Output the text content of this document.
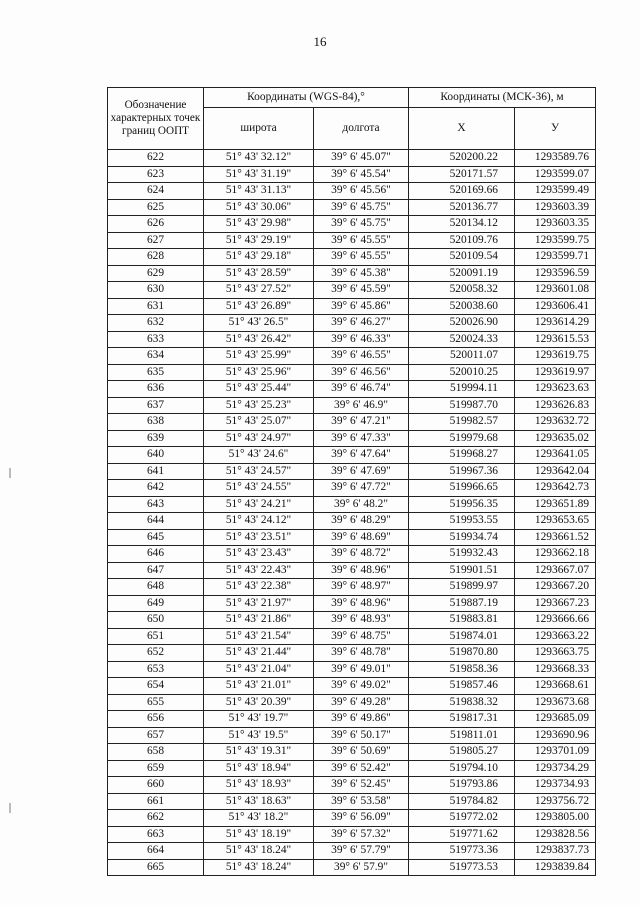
16
Обозначение характерных точек границ ООПТ	Координаты (WGS-84),°		Координаты (МСК-36), м	
	широта	долгота	X	У
622	51° 43' 32.12"	39° 6' 45.07"	520200.22	1293589.76
623	51° 43' 31.19"	39° 6' 45.54"	520171.57	1293599.07
624	51° 43' 31.13"	39° 6' 45.56"	520169.66	1293599.49
625	51° 43' 30.06"	39° 6' 45.75"	520136.77	1293603.39
626	51° 43' 29.98"	39° 6' 45.75"	520134.12	1293603.35
627	51° 43' 29.19"	39° 6' 45.55"	520109.76	1293599.75
628	51° 43' 29.18"	39° 6' 45.55"	520109.54	1293599.71
629	51° 43' 28.59"	39° 6' 45.38"	520091.19	1293596.59
630	51° 43' 27.52"	39° 6' 45.59"	520058.32	1293601.08
631	51° 43' 26.89"	39° 6' 45.86"	520038.60	1293606.41
632	51° 43' 26.5"	39° 6' 46.27"	520026.90	1293614.29
633	51° 43' 26.42"	39° 6' 46.33"	520024.33	1293615.53
634	51° 43' 25.99"	39° 6' 46.55"	520011.07	1293619.75
635	51° 43' 25.96"	39° 6' 46.56"	520010.25	1293619.97
636	51° 43' 25.44"	39° 6' 46.74"	519994.11	1293623.63
637	51° 43' 25.23"	39° 6' 46.9"	519987.70	1293626.83
638	51° 43' 25.07"	39° 6' 47.21"	519982.57	1293632.72
639	51° 43' 24.97"	39° 6' 47.33"	519979.68	1293635.02
640	51° 43' 24.6"	39° 6' 47.64"	519968.27	1293641.05
641	51° 43' 24.57"	39° 6' 47.69"	519967.36	1293642.04
642	51° 43' 24.55"	39° 6' 47.72"	519966.65	1293642.73
643	51° 43' 24.21"	39° 6' 48.2"	519956.35	1293651.89
644	51° 43' 24.12"	39° 6' 48.29"	519953.55	1293653.65
645	51° 43' 23.51"	39° 6' 48.69"	519934.74	1293661.52
646	51° 43' 23.43"	39° 6' 48.72"	519932.43	1293662.18
647	51° 43' 22.43"	39° 6' 48.96"	519901.51	1293667.07
648	51° 43' 22.38"	39° 6' 48.97"	519899.97	1293667.20
649	51° 43' 21.97"	39° 6' 48.96"	519887.19	1293667.23
650	51° 43' 21.86"	39° 6' 48.93"	519883.81	1293666.66
651	51° 43' 21.54"	39° 6' 48.75"	519874.01	1293663.22
652	51° 43' 21.44"	39° 6' 48.78"	519870.80	1293663.75
653	51° 43' 21.04"	39° 6' 49.01"	519858.36	1293668.33
654	51° 43' 21.01"	39° 6' 49.02"	519857.46	1293668.61
655	51° 43' 20.39"	39° 6' 49.28"	519838.32	1293673.68
656	51° 43' 19.7"	39° 6' 49.86"	519817.31	1293685.09
657	51° 43' 19.5"	39° 6' 50.17"	519811.01	1293690.96
658	51° 43' 19.31"	39° 6' 50.69"	519805.27	1293701.09
659	51° 43' 18.94"	39° 6' 52.42"	519794.10	1293734.29
660	51° 43' 18.93"	39° 6' 52.45"	519793.86	1293734.93
661	51° 43' 18.63"	39° 6' 53.58"	519784.82	1293756.72
662	51° 43' 18.2"	39° 6' 56.09"	519772.02	1293805.00
663	51° 43' 18.19"	39° 6' 57.32"	519771.62	1293828.56
664	51° 43' 18.24"	39° 6' 57.79"	519773.36	1293837.73
665	51° 43' 18.24"	39° 6' 57.9"	519773.53	1293839.84
